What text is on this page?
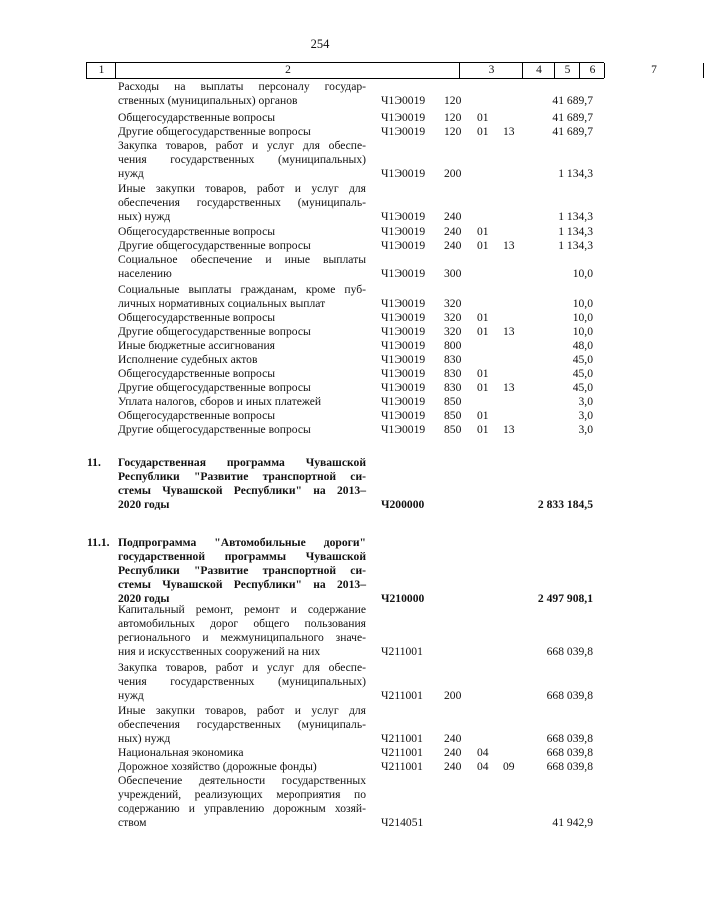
254
1	2	3	4	5	6	7
Расходы на выплаты персоналу государ-
ственных (муниципальных) органов	Ч1Э0019 120	41 689,7
Общегосударственные вопросы	Ч1Э0019 120 01	41 689,7
Другие общегосударственные вопросы	Ч1Э0019 120 01 13	41 689,7
Закупка товаров, работ и услуг для обеспе-
чения государственных (муниципальных)
нужд	Ч1Э0019 200	1 134,3
Иные закупки товаров, работ и услуг для
обеспечения государственных (муниципаль-
ных) нужд	Ч1Э0019 240	1 134,3
Общегосударственные вопросы	Ч1Э0019 240 01	1 134,3
Другие общегосударственные вопросы	Ч1Э0019 240 01 13	1 134,3
Социальное обеспечение и иные выплаты
населению	Ч1Э0019 300	10,0
Социальные выплаты гражданам, кроме пуб-
личных нормативных социальных выплат	Ч1Э0019 320	10,0
Общегосударственные вопросы	Ч1Э0019 320 01	10,0
Другие общегосударственные вопросы	Ч1Э0019 320 01 13	10,0
Иные бюджетные ассигнования	Ч1Э0019 800	48,0
Исполнение судебных актов	Ч1Э0019 830	45,0
Общегосударственные вопросы	Ч1Э0019 830 01	45,0
Другие общегосударственные вопросы	Ч1Э0019 830 01 13	45,0
Уплата налогов, сборов и иных платежей	Ч1Э0019 850	3,0
Общегосударственные вопросы	Ч1Э0019 850 01	3,0
Другие общегосударственные вопросы	Ч1Э0019 850 01 13	3,0
11. Государственная программа Чувашской
Республики "Развитие транспортной си-
стемы Чувашской Республики" на 2013–
2020 годы	Ч200000	2 833 184,5
11.1. Подпрограмма "Автомобильные дороги"
государственной программы Чувашской
Республики "Развитие транспортной си-
стемы Чувашской Республики" на 2013–
2020 годы	Ч210000	2 497 908,1
Капитальный ремонт, ремонт и содержание
автомобильных дорог общего пользования
регионального и межмуниципального значе-
ния и искусственных сооружений на них	Ч211001	668 039,8
Закупка товаров, работ и услуг для обеспе-
чения государственных (муниципальных)
нужд	Ч211001 200	668 039,8
Иные закупки товаров, работ и услуг для
обеспечения государственных (муниципаль-
ных) нужд	Ч211001 240	668 039,8
Национальная экономика	Ч211001 240 04	668 039,8
Дорожное хозяйство (дорожные фонды)	Ч211001 240 04 09	668 039,8
Обеспечение деятельности государственных
учреждений, реализующих мероприятия по
содержанию и управлению дорожным хозяй-
ством	Ч214051	41 942,9
